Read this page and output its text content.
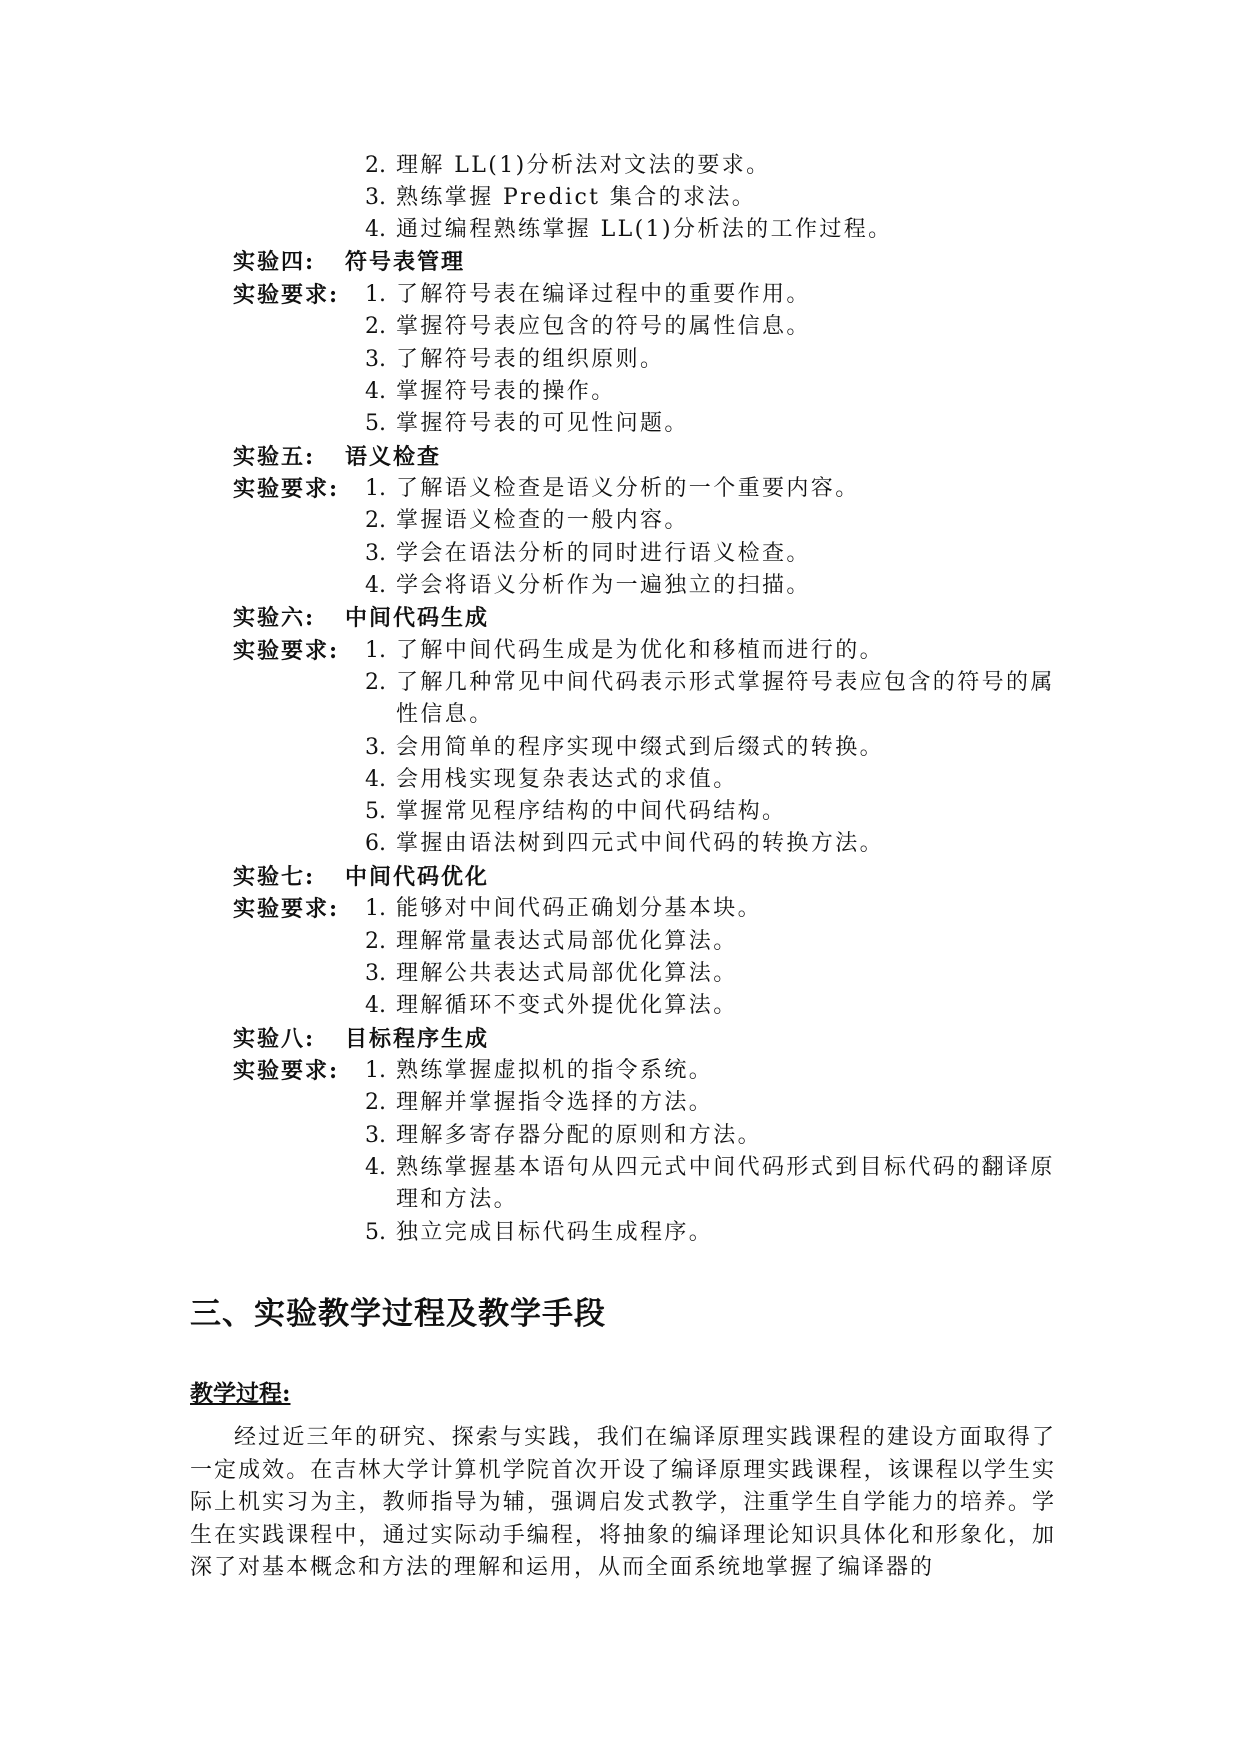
2. 理解 LL(1)分析法对文法的要求。
3. 熟练掌握 Predict 集合的求法。
4. 通过编程熟练掌握 LL(1)分析法的工作过程。
实验四: 符号表管理
实验要求: 1. 了解符号表在编译过程中的重要作用。
2. 掌握符号表应包含的符号的属性信息。
3. 了解符号表的组织原则。
4. 掌握符号表的操作。
5. 掌握符号表的可见性问题。
实验五: 语义检查
实验要求: 1. 了解语义检查是语义分析的一个重要内容。
2. 掌握语义检查的一般内容。
3. 学会在语法分析的同时进行语义检查。
4. 学会将语义分析作为一遍独立的扫描。
实验六: 中间代码生成
实验要求: 1. 了解中间代码生成是为优化和移植而进行的。
2. 了解几种常见中间代码表示形式掌握符号表应包含的符号的属性信息。
3. 会用简单的程序实现中缀式到后缀式的转换。
4. 会用栈实现复杂表达式的求值。
5. 掌握常见程序结构的中间代码结构。
6. 掌握由语法树到四元式中间代码的转换方法。
实验七: 中间代码优化
实验要求: 1. 能够对中间代码正确划分基本块。
2. 理解常量表达式局部优化算法。
3. 理解公共表达式局部优化算法。
4. 理解循环不变式外提优化算法。
实验八: 目标程序生成
实验要求: 1. 熟练掌握虚拟机的指令系统。
2. 理解并掌握指令选择的方法。
3. 理解多寄存器分配的原则和方法。
4. 熟练掌握基本语句从四元式中间代码形式到目标代码的翻译原理和方法。
5. 独立完成目标代码生成程序。
三、实验教学过程及教学手段
教学过程:
经过近三年的研究、探索与实践，我们在编译原理实践课程的建设方面取得了一定成效。在吉林大学计算机学院首次开设了编译原理实践课程，该课程以学生实际上机实习为主，教师指导为辅，强调启发式教学，注重学生自学能力的培养。学生在实践课程中，通过实际动手编程，将抽象的编译理论知识具体化和形象化，加深了对基本概念和方法的理解和运用，从而全面系统地掌握了编译器的
